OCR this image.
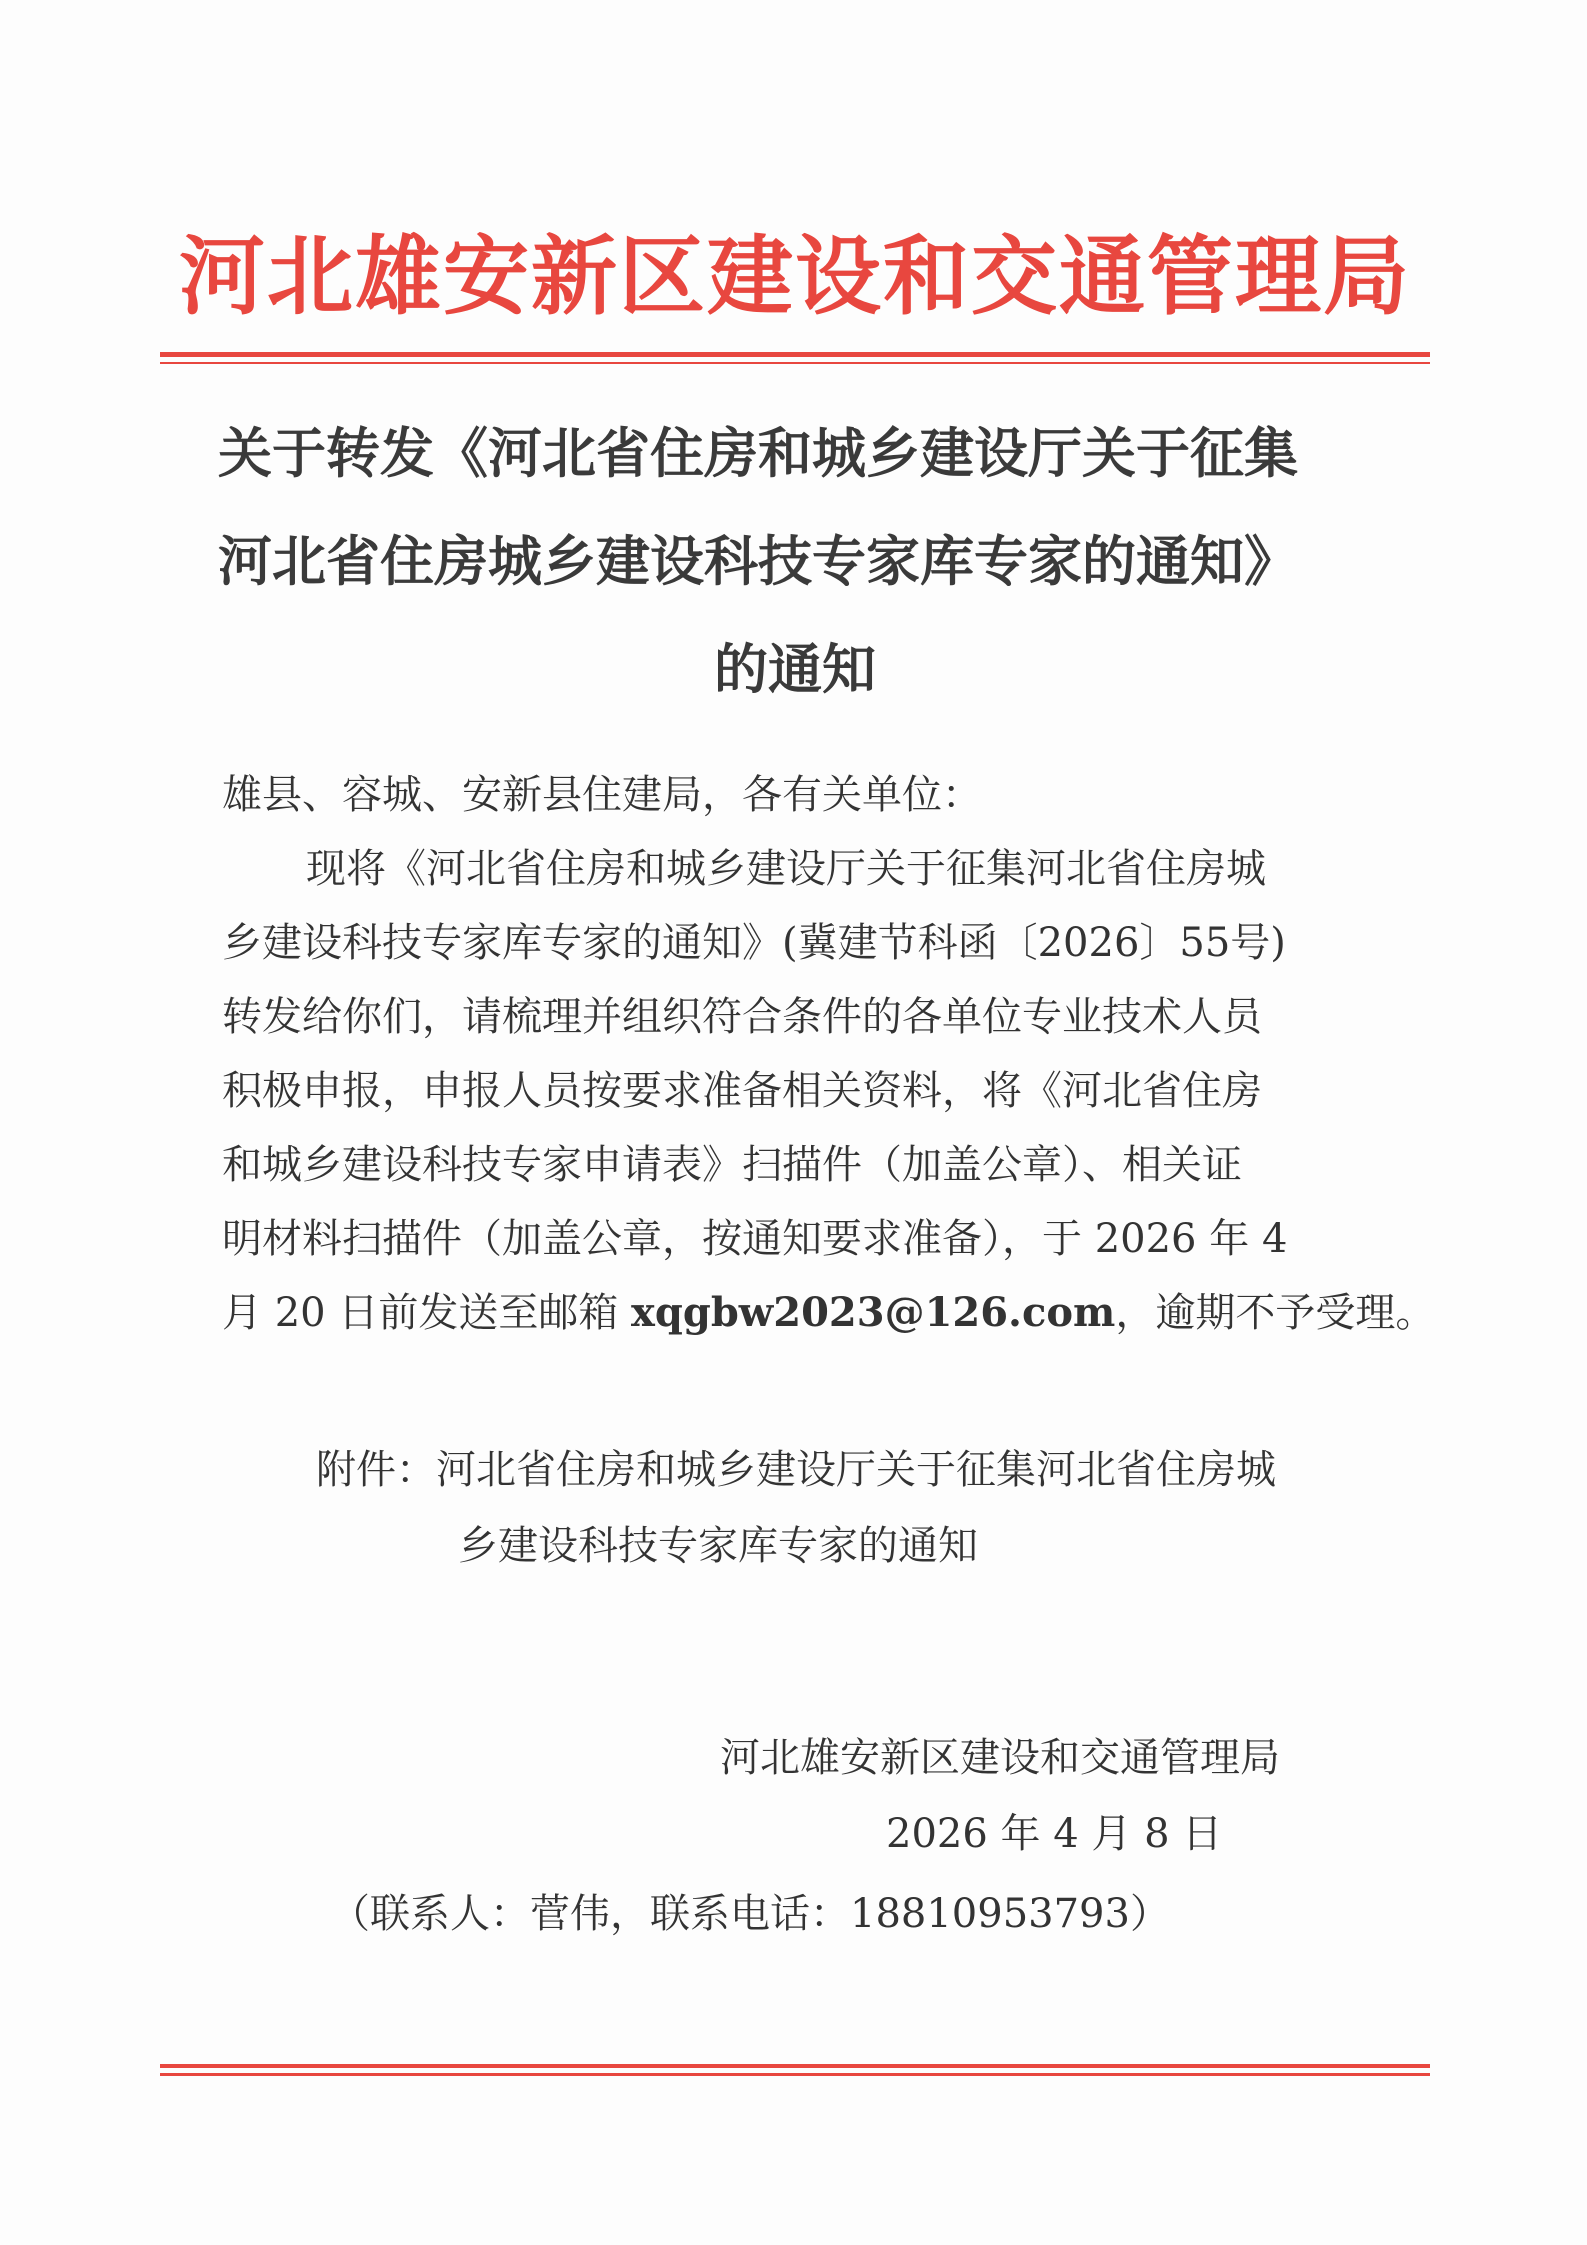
河北雄安新区建设和交通管理局
关于转发《河北省住房和城乡建设厅关于征集
河北省住房城乡建设科技专家库专家的通知》
的通知
雄县、容城、安新县住建局，各有关单位：
现将《河北省住房和城乡建设厅关于征集河北省住房城
乡建设科技专家库专家的通知》(冀建节科函〔2026〕55号)
转发给你们，请梳理并组织符合条件的各单位专业技术人员
积极申报，申报人员按要求准备相关资料，将《河北省住房
和城乡建设科技专家申请表》扫描件（加盖公章）、相关证
明材料扫描件（加盖公章，按通知要求准备），于 2026 年 4
月 20 日前发送至邮箱 xqgbw2023@126.com，逾期不予受理。
附件：河北省住房和城乡建设厅关于征集河北省住房城
乡建设科技专家库专家的通知
河北雄安新区建设和交通管理局
2026 年 4 月 8 日
（联系人：菅伟，联系电话：18810953793）
